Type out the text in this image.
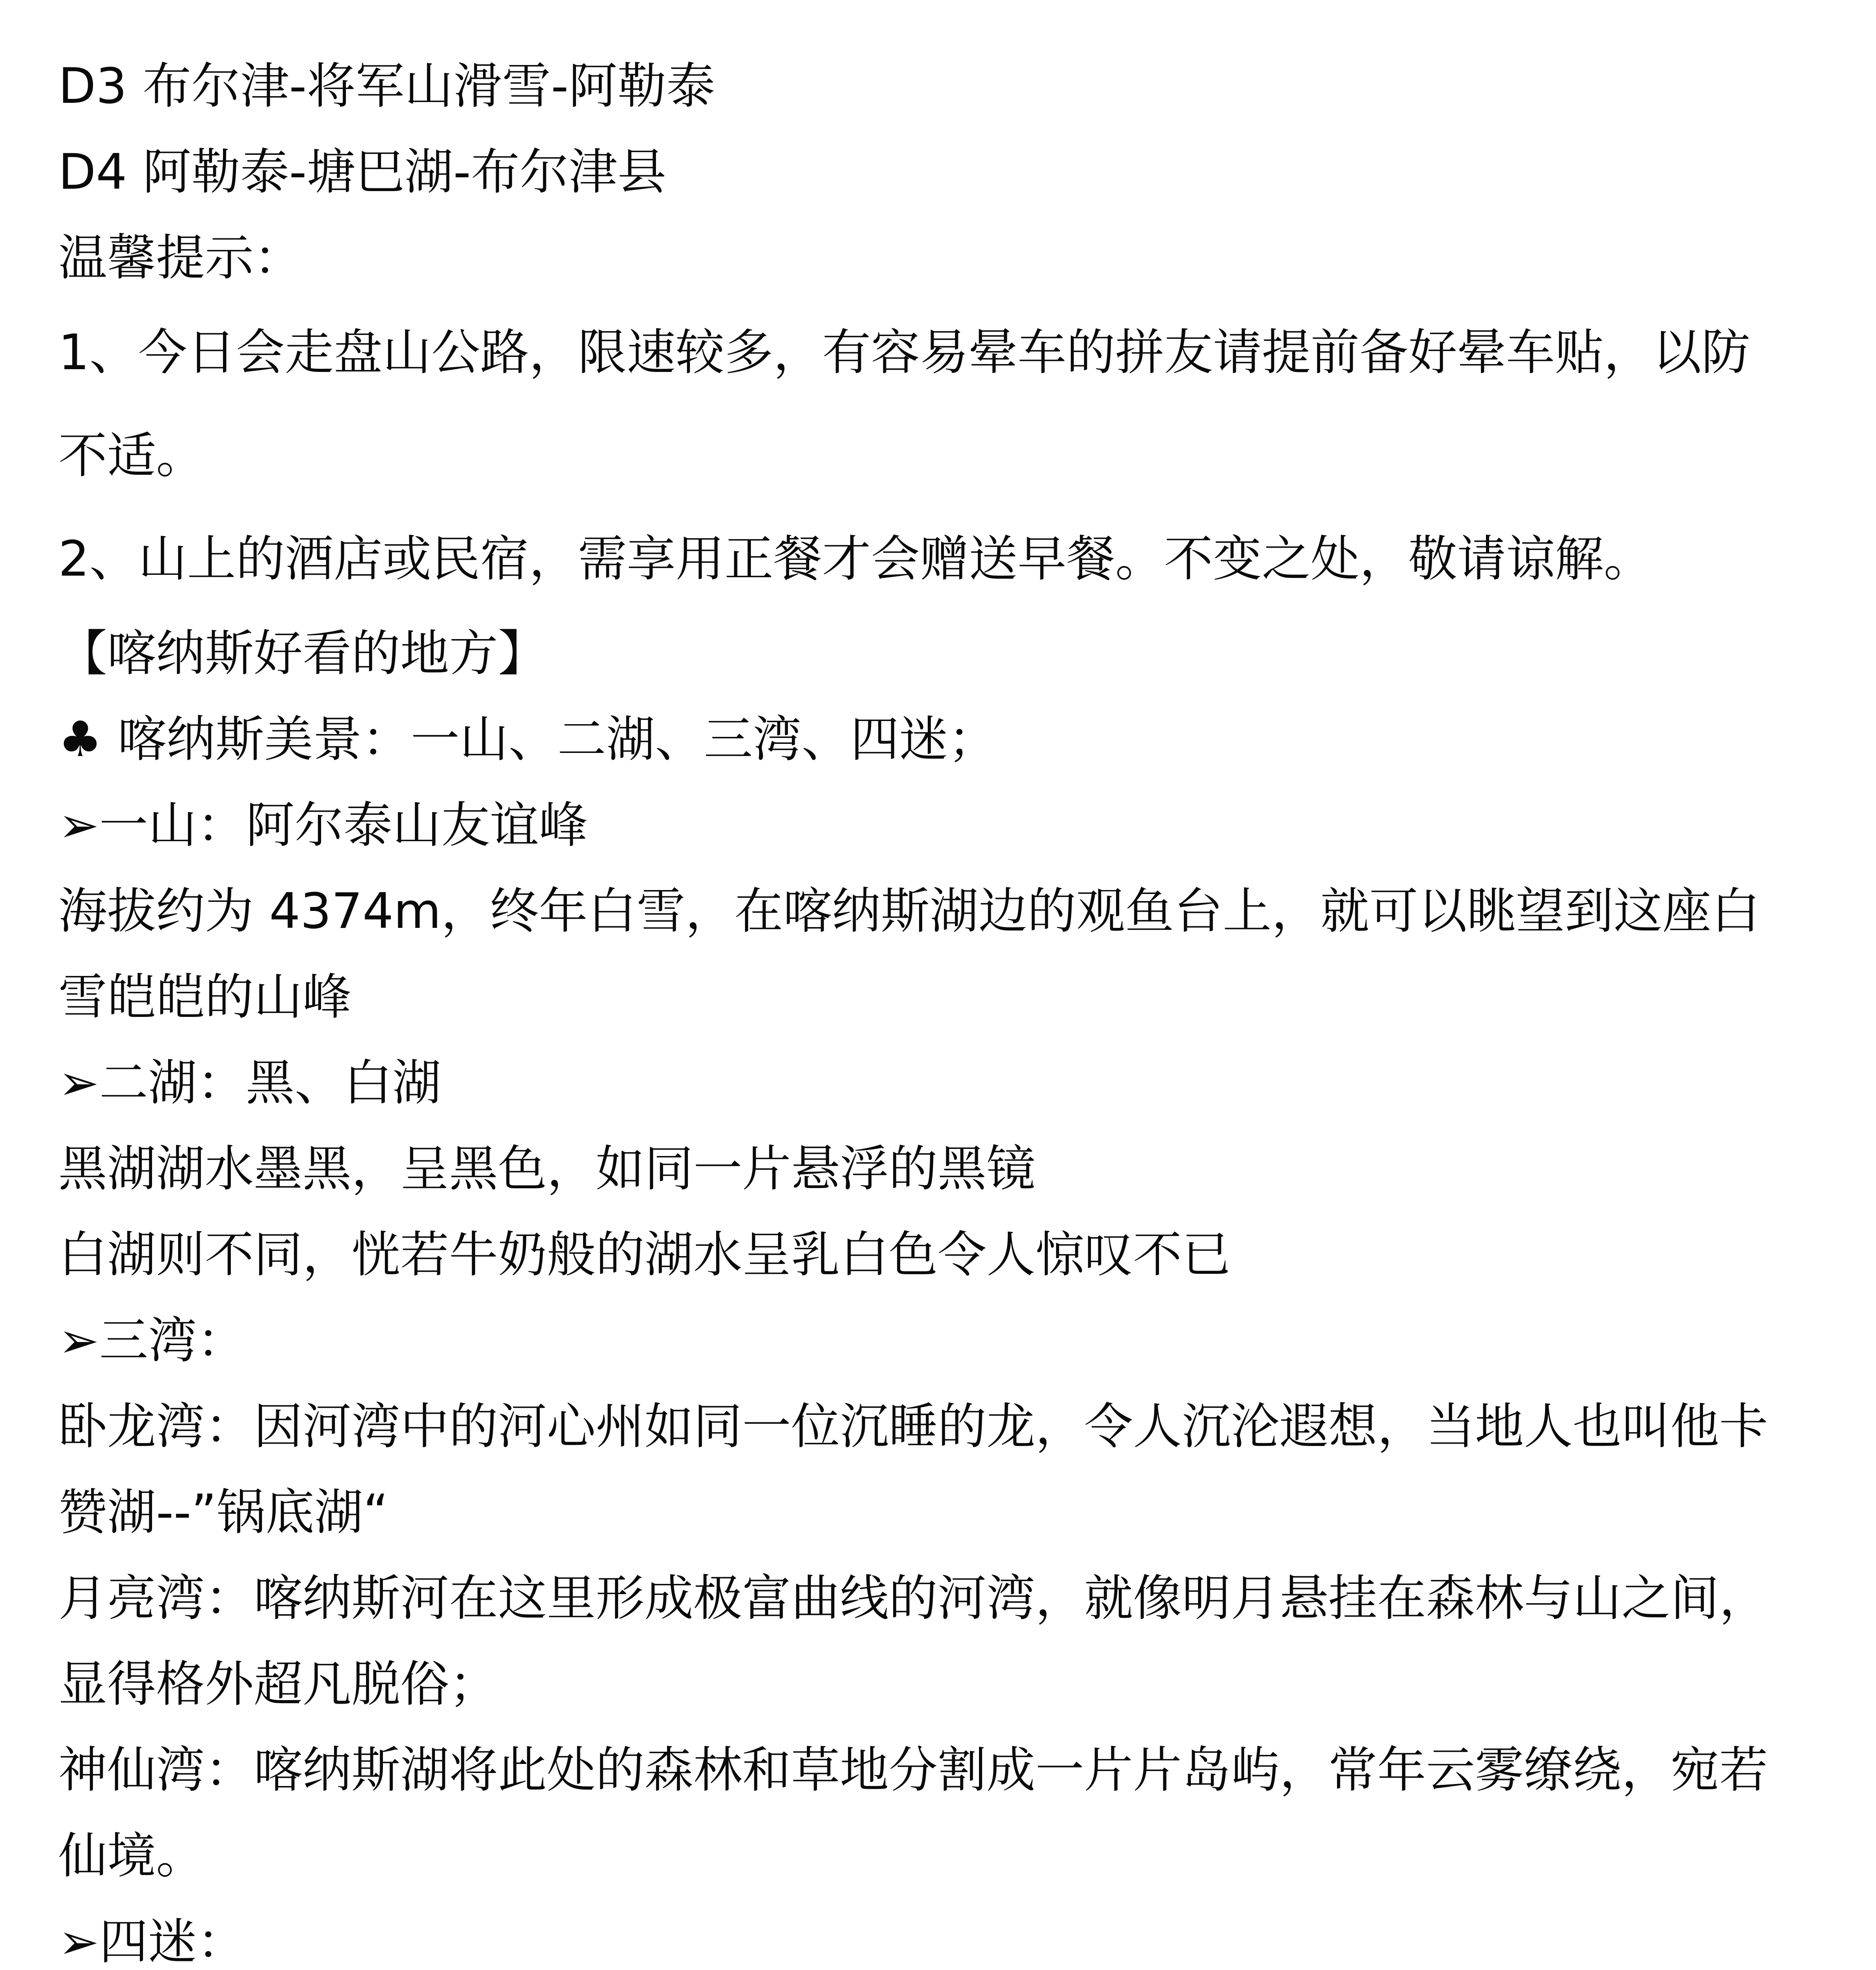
D3 布尔津-将军山滑雪-阿勒泰
D4 阿勒泰-塘巴湖-布尔津县
温馨提示：
1、今日会走盘山公路，限速较多，有容易晕车的拼友请提前备好晕车贴，以防
不适。
2、山上的酒店或民宿，需享用正餐才会赠送早餐。不变之处，敬请谅解。
【喀纳斯好看的地方】
♣ 喀纳斯美景：一山、二湖、三湾、四迷；
➢一山：阿尔泰山友谊峰
海拔约为 4374m，终年白雪，在喀纳斯湖边的观鱼台上，就可以眺望到这座白
雪皑皑的山峰
➢二湖：黑、白湖
黑湖湖水墨黑，呈黑色，如同一片悬浮的黑镜
白湖则不同，恍若牛奶般的湖水呈乳白色令人惊叹不已
➢三湾：
卧龙湾：因河湾中的河心州如同一位沉睡的龙，令人沉沦遐想，当地人也叫他卡
赞湖--”锅底湖“
月亮湾：喀纳斯河在这里形成极富曲线的河湾，就像明月悬挂在森林与山之间，
显得格外超凡脱俗；
神仙湾：喀纳斯湖将此处的森林和草地分割成一片片岛屿，常年云雾缭绕，宛若
仙境。
➢四迷：
